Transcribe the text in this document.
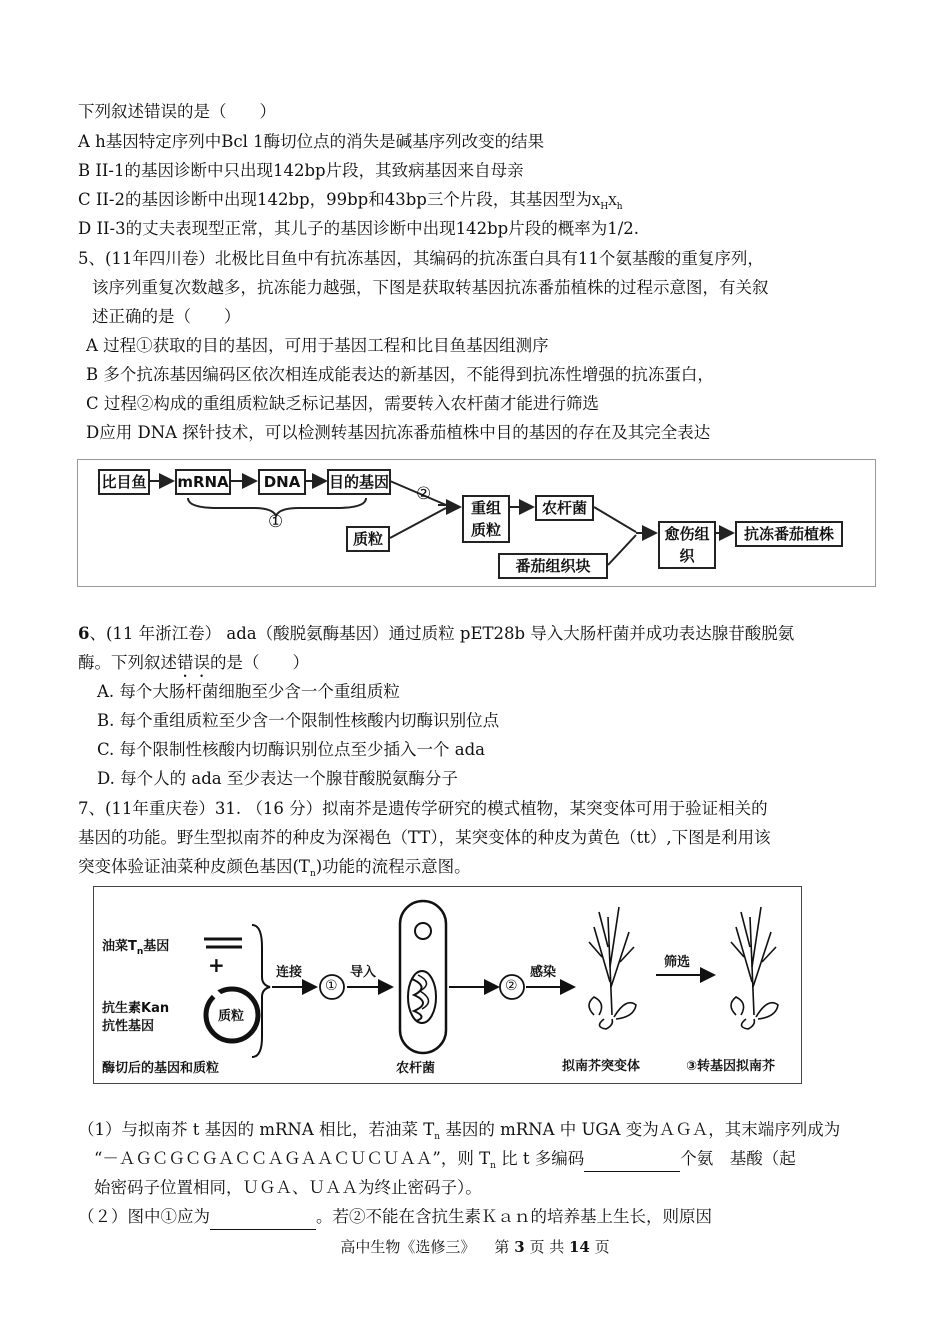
下列叙述错误的是（　　）
A h基因特定序列中Bcl 1酶切位点的消失是碱基序列改变的结果
B II-1的基因诊断中只出现142bp片段，其致病基因来自母亲
C II-2的基因诊断中出现142bp，99bp和43bp三个片段，其基因型为$X_HX_h$
D II-3的丈夫表现型正常，其儿子的基因诊断中出现142bp片段的概率为1/2.
5、(11年四川卷）北极比目鱼中有抗冻基因，其编码的抗冻蛋白具有11个氨基酸的重复序列，
该序列重复次数越多，抗冻能力越强，下图是获取转基因抗冻番茄植株的过程示意图，有关叙
述正确的是（　　）
A 过程①获取的目的基因，可用于基因工程和比目鱼基因组测序
B 多个抗冻基因编码区依次相连成能表达的新基因，不能得到抗冻性增强的抗冻蛋白，
C 过程②构成的重组质粒缺乏标记基因，需要转入农杆菌才能进行筛选
D应用 DNA 探针技术，可以检测转基因抗冻番茄植株中目的基因的存在及其完全表达
比目鱼 mRNA	DNA	目的基因
①
②
质粒
重组质粒
农杆菌
番茄组织块
愈伤组织
抗冻番茄植株
6、(11 年浙江卷） ada（酸脱氨酶基因）通过质粒 pET28b 导入大肠杆菌并成功表达腺苷酸脱氨
酶。下列叙述错误的是（　　）
A. 每个大肠杆菌细胞至少含一个重组质粒
B. 每个重组质粒至少含一个限制性核酸内切酶识别位点
C. 每个限制性核酸内切酶识别位点至少插入一个 ada
D. 每个人的 ada 至少表达一个腺苷酸脱氨酶分子
7、(11年重庆卷）31. （16 分）拟南芥是遗传学研究的模式植物，某突变体可用于验证相关的
基因的功能。野生型拟南芥的种皮为深褐色（TT），某突变体的种皮为黄色（tt）,下图是利用该
突变体验证油菜种皮颜色基因$(T_n)$功能的流程示意图。
油菜$T_n$基因
+
抗生素Kan
抗性基因
质粒
酶切后的基因和质粒
连接
①
导入
农杆菌
②
感染
拟南芥突变体
筛选
③转基因拟南芥
（1）与拟南芥 t 基因的 mRNA 相比，若油菜 $T_n$ 基因的 mRNA 中 UGA 变为ＡＧＡ，其末端序列成为
“－ＡＧＣＧＣＧＡＣＣＡＧＡＡＣＵＣＵＡＡ”，则 $T_n$ 比 t 多编码	个氨　基酸（起
始密码子位置相同，ＵＧＡ、ＵＡＡ为终止密码子）。
（２）图中①应为	。若②不能在含抗生素Ｋａｎ的培养基上生长，则原因
高中生物《选修三》 第 3 页 共 14 页
